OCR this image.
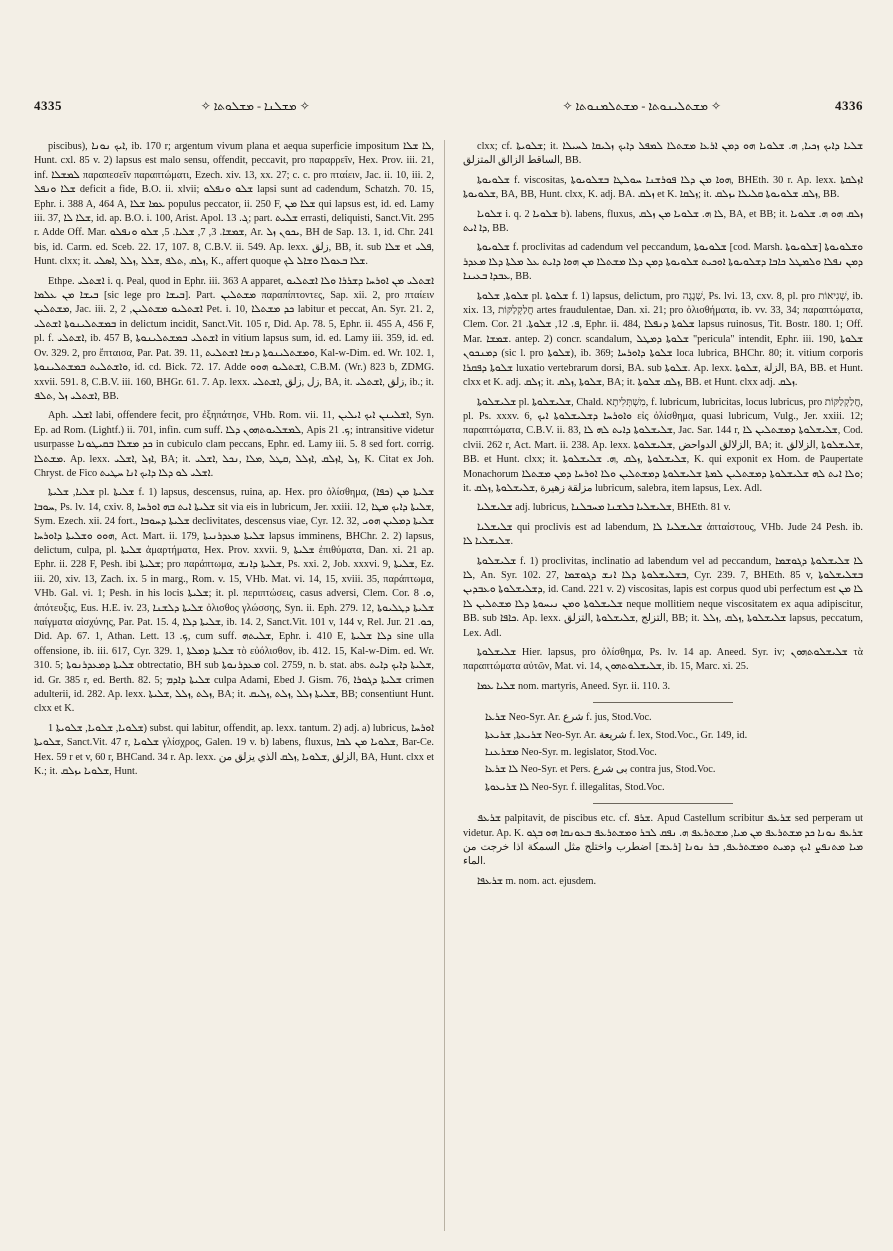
4335	✧ ܡܫܠܢܐ - ܡܫܠܘܬܐ ✧	✧ ܡܫܬܠܝܢܘܬܐ - ܡܫܬܠܡܢܘܬܐ ✧	4336

piscibus), ܐܝܟ ܢܘܢܐ, ib. 170 r; argentum vivum plana et aequa superficie impositum ܠܐ ܫܠܐ, Hunt. cxl. 85 v. 2) lapsus est malo sensu, offendit, peccavit, pro παραρρεῖν, Hex. Prov. iii. 21, inf. ܠܡܫܠܐ παραπεσεῖν παραπτώματι, Ezech. xiv. 13, xx. 27; c. c. pro πταίειν, Jac. ii. 10, iii. 2, ܫܠܐ ܘܢܦܠ deficit a fide, B.O. ii. xlvii; ܫܠܘ ܘܢܦܠܘ lapsi sunt ad cadendum, Schatzh. 70. 15, Ephr. i. 388 A, 464 A, ܥܡܐ ܫܠܐ populus peccator, ii. 250 F, ܫܠܐ ܡܢ qui lapsus est, id. ed. Lamy iii. 37, ܫܠܐ ܠܐ, id. ap. B.O. i. 100, Arist. Apol. ܓ. 13; part. ܫܠܝܬ errasti, deliquisti, Sanct.Vit. 295 r. Adde Off. Mar. ܫܡܫܐ. 3, 7, ܫܠܝܐ. 5, ܫܠܘ ܘܢܦܠܘ, Ar. ܝܟܘܢ ܙܠ, BH de Sap. 13. 1, id. Chr. 241 bis, id. Carm. ed. Sceb. 22. 17, 107. 8, C.B.V. ii. 549. Ap. lexx. زلق, BB, it. sub ܫܠܐ et ܦܠܝ, Hunt. clxx; it. ܙܠܩ ,ܬܠܦ ,ܫܠܠ ,ܙܠܠ ,ܐܣܠܝ, K., affert quoque ܫܠܐ ܒܥܘܠܐ ܘܫܐܠ ܠܟ.

Ethpe. ܐܫܬܠܝ i. q. Peal, quod in Ephr. iii. 363 A apparet, ܐܫܬܠܝ ܡܢ ܐܘܪܚܐ ܕܫܪܪܐ ܘܠܐ ܐܫܬܠܝܘ ܒܝܫܐ ܡܢ ܥܠܡܐ [sic lege pro ܒܝܫܐ]. Part. ܡܫܬܠܝܢ παραπίπτοντες, Sap. xii. 2, pro πταίειν ܡܫܬܠܝܢ, Jac. iii. 2, ܐܫܬܠܝܘ ܡܫܬܠܝܢ, 2 Pet. i. 10, ܟܕ ܡܫܬܠܐ labitur et peccat, An. Syr. 21. 2, ܒܡܫܬܠܝܢܘܬܐ ܐܫܬܠܝ in delictum incidit, Sanct.Vit. 105 r, Did. Ap. 78. 5, Ephr. ii. 455 A, 456 F, pl. f. ܐܫܬܠܝ, ib. 457 B, ܐܫܬܠܝ ܒܡܫܬܠܝܢܘܬܐ in vitium lapsus sum, id. ed. Lamy iii. 359, id. ed. Ov. 329. 2, pro ἔπταισα, Par. Pat. 39. 11, ܘܡܫܬܠܝܢܘܬܐ ܕܢܫܐ ܐܫܬܠܝܬ, Kal-w-Dim. ed. Wr. 102. 1, ܘܐܫܬܠܝܬ ܒܡܫܬܠܝܢܘܬܐ, id. cd. Bick. 72. 17. Adde ܐܫܬܠܝܘ ܗܘܘ, C.B.M. (Wr.) 823 b, ZDMG. xxvii. 591. 8, C.B.V. iii. 160, BHGr. 61. 7. Ap. lexx. زل ,زلق ,ܐܫܬܠܝ, BA, it. زلق ,ܐܫܬܠܝ, ib.; it. ܐܫܬܠܝ ܙܠ ,ܬܠܦ, BB.

Aph. ܐܫܠܝ labi, offendere fecit, pro ἐξηπάτησε, VHb. Rom. vii. 11, ܐܫܠܝܢܢ ܐܝܟ ܐܝܠܝܢ, Syn. Ep. ad Rom. (Lightf.) ii. 701, infin. cum suff. ܠܡܫܠܝܘܬܗܘܢ ܕܠܐ, Apis ܟ. 21; intransitive videtur usurpasse ܟܕ ܡܫܠܐ ܒܩܝܛܘܢܐ in cubiculo clam peccans, Ephr. ed. Lamy iii. 5. 8 sed fort. corrig. ܡܫܬܠܐ. Ap. lexx. ܐܙܠ ,ܐܫܠܝ, BA; it. ܙܠ ,ܐܙܠܩ ,ܐܙܠܠ ,ܩܛܠ ,ܡܠܐ ,ܢܟܠ ,ܐܫܠܝ, K. Citat ex Joh. Chryst. de Fico ܐܫܠܝ ܠܘ ܕܠܐ ܕܐܝܟ ܐܢܐ ܚܛܝܬ.

ܫܠܝܐ, ܫܠܝܬܐ pl. ܫܠܝܬܐ f. 1) lapsus, descensus, ruina, ap. Hex. pro ὀλίσθημα, (ܟܦܐ) ܫܠܝܬܐ ܡܢ ܚܘܒܐ, Ps. lv. 14, cxiv. 8, ܫܠܝܬܐ ܐܝܬ ܒܗ ܐܘܪܚܐ sit via eis in lubricum, Jer. xxiii. 12, ܫܠܝܬܐ ܕܐܝܟ ܡܛܐ, Sym. Ezech. xii. 24 fort., ܫܠܝܬܐ ܕܚܘܒܐ declivitates, descensus viae, Cyr. 12. 32, ܫܠܝܬܐ ܕܡܠܝܢ ܗܘܝ ܗܘܘ ܘܫܠܝܬܐ ܕܐܘܪܚܐ, Act. Mart. ii. 179, ܫܠܝܬܐ ܡܥܕܪܢܝܬܐ lapsus imminens, BHChr. 2. 2) lapsus, delictum, culpa, pl. ܫܠܝܬܐ ἁμαρτήματα, Hex. Prov. xxvii. 9, ܫܠܝܬܐ ἐπιθύματα, Dan. xi. 21 ap. Ephr. ii. 228 F, Pesh. ibi ܫܠܝܬܐ; pro παράπτωμα, ܫܠܝܬܐ ܕܐܢܫ, Ps. xxi. 2, Job. xxxvi. 9, ܫܠܝܬܐ, Ez. iii. 20, xiv. 13, Zach. ix. 5 in marg., Rom. v. 15, VHb. Mat. vi. 14, 15, xviii. 35, παράπτωμα, VHb. Gal. vi. 1; Pesh. in his locis ܫܠܝܬܐ; it. pl. περιπτώσεις, casus adversi, Clem. Cor. ܘ. 8, ἀπότευξις, Eus. H.E. iv. 23, ܫܠܝܬܐ ܕܠܫܢܐ ὀλισθος γλώσσης, Syn. ii. Eph. 279. 12, ܫܠܝܬܐ ܕܛܠܝܘܬܐ παίγματα αἰσχύνης, Par. Pat. 15. 4, ܫܠܝܬܐ ܕܠܐ, ib. 14. 2, Sanct.Vit. 101 v, 144 v, Rel. Jur. ܟܘ. 21, Did. Ap. 67. 1, Athan. Lett. ܟ. 13, cum suff. ܫܠܝܬܗ, Ephr. i. 410 E, ܕܠܐ ܫܠܝܬܐ sine ulla offensione, ib. iii. 617, Cyr. 329. 1, ܫܠܝܬܐ ܕܡܠܬܐ τὸ εὐόλισθον, ib. 412. 15, Kal-w-Dim. ed. Wr. 310. 5; ܫܠܝܬܐ ܕܡܥܕܪܢܘܬܐ obtrectatio, BH sub ܡܥܕܪܢܘܬܐ col. 2759, n. b. stat. abs. ܫܠܝܬܐ ܕܐܝܟ ܕܐܝܬ, id. Gr. 385 r, ed. Berth. 82. 5; ܫܠܝܬܐ ܕܐܕܡ culpa Adami, Ebed J. Gism. 76, ܫܠܝܬܐ ܕܓܘܪܐ crimen adulterii, id. 282. Ap. lexx. ܙܠܬ ,ܙܠܠ ,ܫܠܝܬܐ, BA; it. ܫܠܝܬܐ ܙܠܠ ,ܙܠܬ ,ܙܠܝܩ, BB; consentiunt Hunt. clxx et K.

ܫܠܘܝܐ, ܫܠܘܝܐ, ܫܠܘܝܬܐ 1) subst. qui labitur, offendit, ap. lexx. tantum. 2) adj. a) lubricus, ܐܘܪܚܐ ܫܠܘܝܬܐ, Sanct.Vit. 47 r, ܫܠܘܝܐ γλίσχρος, Galen. 19 v. b) labens, fluxus, ܫܠܘܝܐ ܡܢ ܠܒܐ, Bar-Ce. Hex. 59 r et v, 60 r, BHCand. 34 r. Ap. lexx. الزلق ,ܫܠܘܝܐ ,ܙܠܩ الذي يزلق من, BA, Hunt. clxx et K.; it. ܫܠܘܝܐ ܝܙܠܩ, Hunt.

clxx; cf. ܫܠܘܝܬܐ; it. ܫܠܝܐ ܕܐܝܟ ܙܟܝܐ, ܗ. ܫܠܘܝܐ ܗܘ ܕܡܢ ܐܪܥܐ ܡܫܬܠܐ ܠܡܦܠ ܕܐܝܟ ܙܠܝܩܐ ܠܚܝܠܐ الساقط الزالق المتزلق, BB.

ܫܠܘܝܘܬܐ f. viscositas, ܗܘܐ ܡܢ ܕܠܐ ܦܘܪܫܢܐ ܚܘܠܛܐ ܒܫܠܘܝܘܬܐ, BHEth. 30 r. Ap. lexx. ܐܙܠܩܬܐ ܫܠܘܝܘܬܐ, BA, BB, Hunt. clxx, K. adj. BA. ܙܠܩ et K. ܙܠܩܐ; it. ܙܠܩ ܫܠܘܝܘܬܐ ܩܠܝܠܐ ܝܙܠܩ, BB.

ܫܠܘܝܐ i. q. ܫܠܘܝܐ 2 b). labens, fluxus, ܠܐ ܗ. ܫܠܘܝܐ ܡܢ ܙܠܩ, BA, et BB; it. ܙܠܩ ܗܘ ܗ. ܫܠܘܝܐ ܕܐ ܐܝܬ, BB.

ܫܠܘܝܘܬܐ f. proclivitas ad cadendum vel peccandum, ܫܠܘܝܘܬܐ [cod. Marsh. ܫܠܘܝܘܬܐ] ܘܫܠܘܝܘܬܐ ܕܡܢ ܢܦܠܐ ܘܠܡܛܠ ܟܐܒܐ ܕܫܠܘܝܘܬܐ ܐܘܟܝܬ ܫܠܘܝܘܬܐ ܕܡܢ ܕܠܐ ܡܫܬܠܐ ܡܢ ܗܘܐ ܕܐܝܬ ܥܠ ܡܠܬܐ ܕܠܐ ܡܥܕܪ ܥܒܕܐ ܒܥܝܢܐ, BB.

ܫܠܘܬܐ, ܫܠܘܬܐ pl. ܫܠܘܬܐ f. 1) lapsus, delictum, pro שְׁגָגָה, Ps. lvi. 13, cxv. 8, pl. pro שְׁגִיאוֹת, ib. xix. 13, חֲלַקְלַקּוֹת artes fraudulentae, Dan. xi. 21; pro ὀλισθήματα, ib. vv. 33, 34; παραπτώματα, Clem. Cor. ܦ. 12, ܫܠܘܬܐ. 21, Ephr. ii. 484, ܫܠܘܬܐ ܕܢܦܠܐ lapsus ruinosus, Tit. Bostr. 180. 1; Off. Mar. ܫܡܫܐ. antep. 2) concr. scandalum, ܫܠܘܬܐ ܕܡܛܠ "pericula" intendit, Ephr. iii. 190, ܫܠܘܬܐ ܕܡܢܟܘܢ (sic l. pro ܫܠܘܬܐ), ib. 369; ܫܠܘܬܐ ܕܐܘܪܚܐ loca lubrica, BHChr. 80; it. vitium corporis ܫܠܘܬܐ ܕܦܩܪܐ luxatio vertebrarum dorsi, BA. sub ܫܠܘܬܐ. Ap. lexx. الزلة ,ܫܠܘܬܐ, BA, BB. et Hunt. clxx et K. adj. ܙܠܩ; it. ܫܠܘܬܐ ,ܙܠܩ, BA; it. ܙܠܩ ܫܠܘܬܐ, BB. et Hunt. clxx adj. ܙܠܩ.

ܫܠܝܫܠܘܬܐ pl. ܫܠܝܫܠܘܬܐ, Chald. מִשְׁתְּלִיתָא, f. lubricum, lubricitas, locus lubricus, pro חֲלַקְלַקּוֹת, pl. Ps. xxxv. 6, ܘܐܘܪܚܐ ܕܫܠܝܫܠܘܬܐ ܐܝܟ εἰς ὀλίσθημα, quasi lubricum, Vulg., Jer. xxiii. 12; παραπτώματα, C.B.V. ii. 83, ܫܠܝܫܠܘܬܐ ܕܐܝܬ ܠܗ ܠܐ, Jac. Sar. 144 r, ܫܠܝܫܠܘܬܐ ܕܡܫܬܠܝܢ ܠܐ, Cod. clvii. 262 r, Act. Mart. ii. 238. Ap. lexx. الزلالق الدواحض ,ܫܠܝܫܠܘܬܐ, BA; it. ܫܠܝܫܠܘܬܐ ,الزلالق, BB. et Hunt. clxx; it. ܫܠܝܫܠܘܬܐ ,ܙܠܩ ,ܗ. ܫܠܝܫܠܘܬܐ, K. qui exponit ex Hom. de Paupertate Monachorum ܘܠܐ ܐܝܬ ܠܗ ܫܠܝܫܠܘܬܐ ܕܡܫܬܠܝܢ ܠܡܬܐ ܫܠܝܫܠܘܬܐ ܕܡܫܬܠܝܢ ܘܠܐ ܐܘܪܚܐ ܕܡܢ ܡܫܬܠܐ; it. مزلقة زهيرة ,ܫܠܝܫܠܘܬܐ ,ܙܠܩ lubricum, salebra, item lapsus, Lex. Adl.

ܫܠܝܫܠܝܐ adj. lubricus, ܫܠܝܫܠܝܐ ܒܠܫܢܐ ܡܚܒܠܢܐ, BHEth. 81 v.

ܫܠܝܫܠܝܐ qui proclivis est ad labendum, ܫܠܝܫܠܝܐ ܠܐ ἀπταίστους, VHb. Jude 24 Pesh. ib. ܫܠܝܫܠܝܐ ܠܐ.

ܫܠܝܫܠܘܬܐ f. 1) proclivitas, inclinatio ad labendum vel ad peccandum, ܠܐ ܫܠܝܫܠܘܬܐ ܕܓܘܫܡܐ ܠܐ, An. Syr. 102. 27, ܒܫܠܝܫܠܘܬܐ ܕܠܐ ܐܢܫ ܕܓܘܫܡܐ, Cyr. 239. 7, BHEth. 85 v, ܒܫܠܝܫܠܘܬܐ ܕܫܠܝܫܠܘܬܐ ܘܥܒܕܝܢ, id. Cand. 221 v. 2) viscositas, lapis est corpus quod ubi perfectum est ܠܐ ܡܢ ܫܠܝܫܠܘܬܐ ܘܡܢ ܢܝܚܘܬܐ ܕܠܐ ܡܫܬܠܝܢ ܠܐ neque mollitiem neque viscositatem ex aqua adipiscitur, BB. sub ܟܐܦܐ. Ap. lexx. التزلج ,ܫܠܝܫܠܘܬܐ ,التزلق, BB; it. ܫܠܝܫܠܘܬܐ ,ܙܠܩ ,ܙܠܠ lapsus, peccatum, Lex. Adl.

ܫܠܝܫܠܘܬܐ Hier. lapsus, pro ὀλίσθημα, Ps. lv. 14 ap. Aneed. Syr. iv; ܫܠܝܫܠܘܬܗܘܢ τὰ παραπτώματα αὐτῶν, Mat. vi. 14, ܫܠܝܫܠܘܬܗܘܢ, ib. 15, Marc. xi. 25.

ܫܠܝܐ ܥܡܐ nom. martyris, Aneed. Syr. ii. 110. 3.

ܫܪܥܐ Neo-Syr. Ar. شرع f. jus, Stod.Voc.

ܫܪܝܥܬܐ, ܫܪܝܥܬܐ Neo-Syr. Ar. شريعة f. lex, Stod.Voc., Gr. 149, id.

ܡܫܪܥܢܐ Neo-Syr. m. legislator, Stod.Voc.

ܠܐ ܫܪܥܐ Neo-Syr. et Pers. بی شرع contra jus, Stod.Voc.

ܠܐ ܫܪܝܥܘܬܐ Neo-Syr. f. illegalitas, Stod.Voc.

ܫܪܥܦ palpitavit, de piscibus etc. cf. ܫܪܦ. Apud Castellum scribitur ܫܪܥܦ sed perperam ut videtur. Ap. K. ܫܪܥܦ ܢܘܢܐ ܟܕ ܡܫܬܪܥܦ ܡܢ ܡܝܐ, ܡܫܬܪܥܦ ܗ. ܢܦܩ ܠܒܪ ܘܡܫܬܪܥܦ ܒܥܘܢܩܐ ܗܘ ܒܓܘ ܡܝܐ ܡܬܢܦܨ ܐܝܟ ܕܡܝܬ ܘܡܫܬܪܥܦ, ܒܪ ܢܘܢܐ [ܪܥܫ] اضطرب واختلج مثل السمكة اذا خرجت من الماء.

ܫܪܥܦܐ m. nom. act. ejusdem.
